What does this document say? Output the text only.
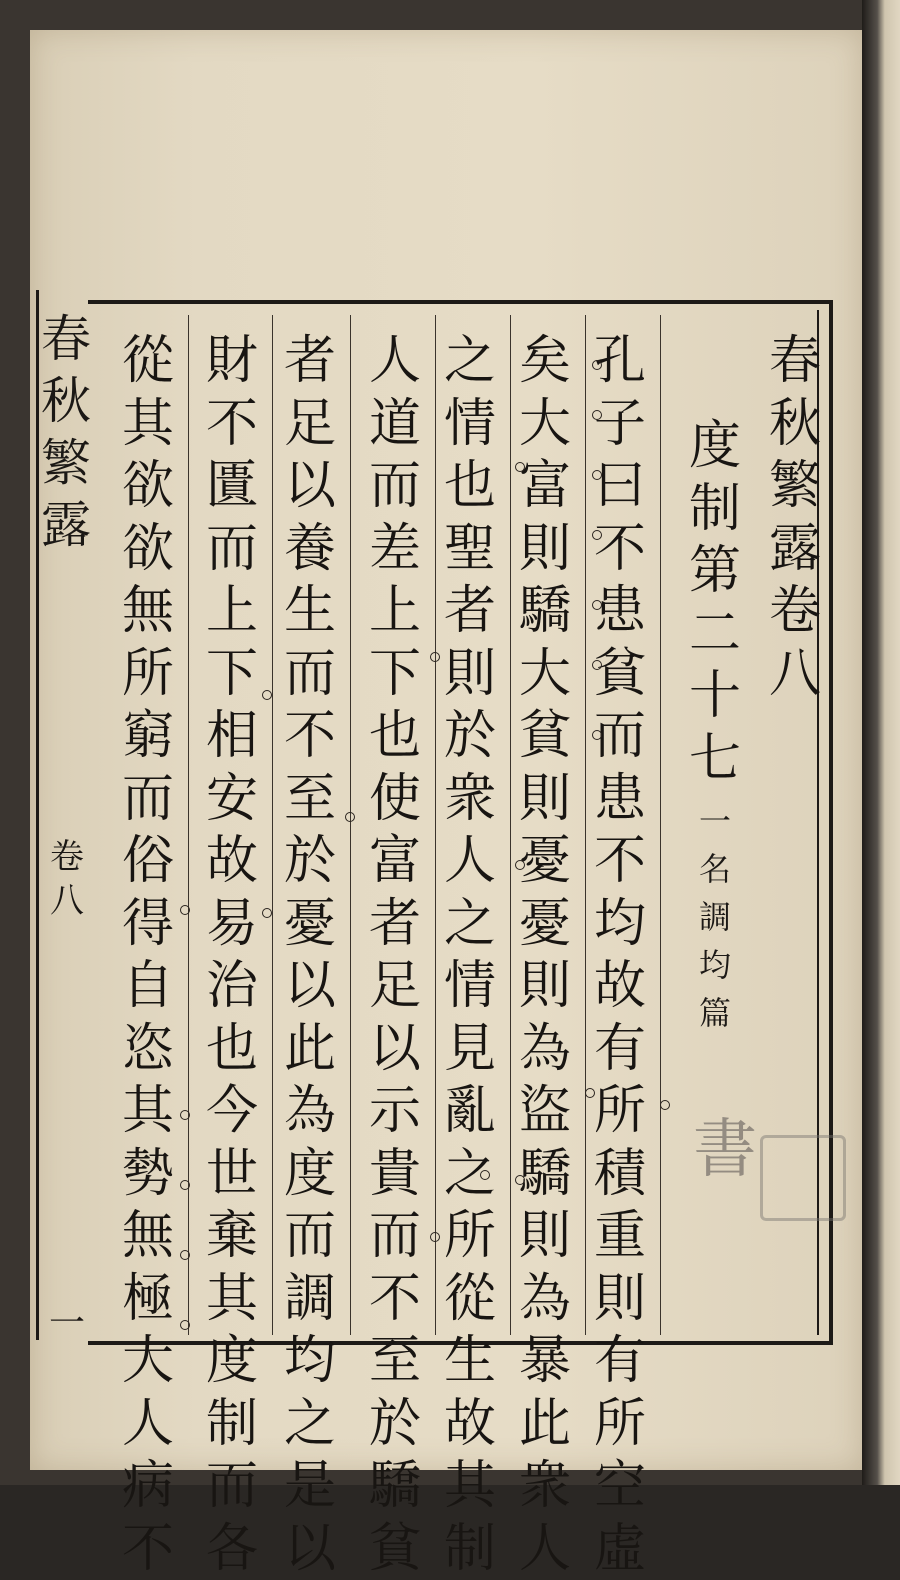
春秋繁露
卷八
一
春
秋
繁
露
卷
八
度
制
第
二
十
七
一
名
調
均
篇
孔
子
曰
不
患
貧
而
患
不
均
故
有
所
積
重
則
有
所
空
虛
矣
大
富
則
驕
大
貧
則
憂
憂
則
為
盜
驕
則
為
暴
此
衆
人
之
情
也
聖
者
則
於
衆
人
之
情
見
亂
之
所
從
生
故
其
制
人
道
而
差
上
下
也
使
富
者
足
以
示
貴
而
不
至
於
驕
貧
者
足
以
養
生
而
不
至
於
憂
以
此
為
度
而
調
均
之
是
以
財
不
匱
而
上
下
相
安
故
易
治
也
今
世
棄
其
度
制
而
各
從
其
欲
欲
無
所
窮
而
俗
得
自
恣
其
勢
無
極
大
人
病
不
書
